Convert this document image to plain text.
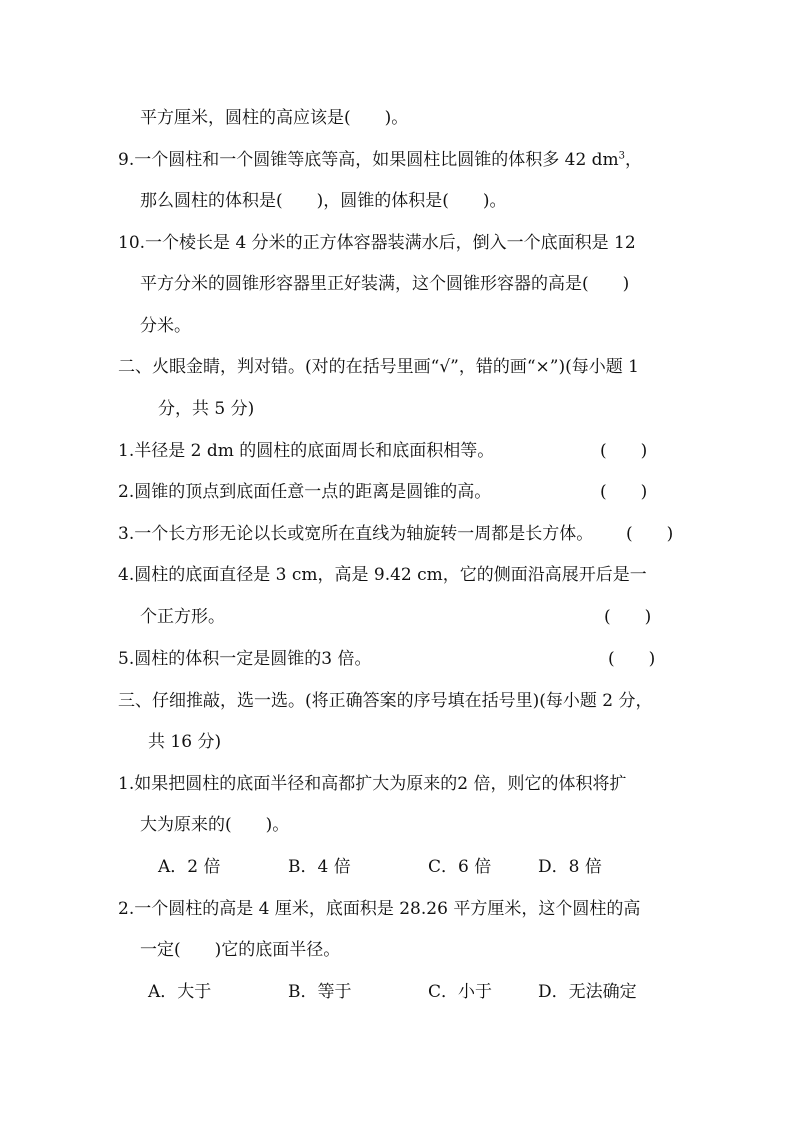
平方厘米，圆柱的高应该是(　　)。
9.一个圆柱和一个圆锥等底等高，如果圆柱比圆锥的体积多 42 $dm^3$，
那么圆柱的体积是(　　)，圆锥的体积是(　　)。
10.一个棱长是 4 分米的正方体容器装满水后，倒入一个底面积是 12
平方分米的圆锥形容器里正好装满，这个圆锥形容器的高是(　　)
分米。
二、火眼金睛，判对错。(对的在括号里画“√”，错的画“×”)(每小题 1
分，共 5 分)
1.半径是 2 dm 的圆柱的底面周长和底面积相等。	(　　)
2.圆锥的顶点到底面任意一点的距离是圆锥的高。	(　　)
3.一个长方形无论以长或宽所在直线为轴旋转一周都是长方体。 (　　)
4.圆柱的底面直径是 3 cm，高是 9.42 cm，它的侧面沿高展开后是一
个正方形。	(　　)
5.圆柱的体积一定是圆锥的3 倍。	(　　)
三、仔细推敲，选一选。(将正确答案的序号填在括号里)(每小题 2 分，
共 16 分)
1.如果把圆柱的底面半径和高都扩大为原来的2 倍，则它的体积将扩
大为原来的(　　)。
A．2 倍	B．4 倍	C．6 倍	D．8 倍
2.一个圆柱的高是 4 厘米，底面积是 28.26 平方厘米，这个圆柱的高
一定(　　)它的底面半径。
A．大于	B．等于	C．小于	D．无法确定
